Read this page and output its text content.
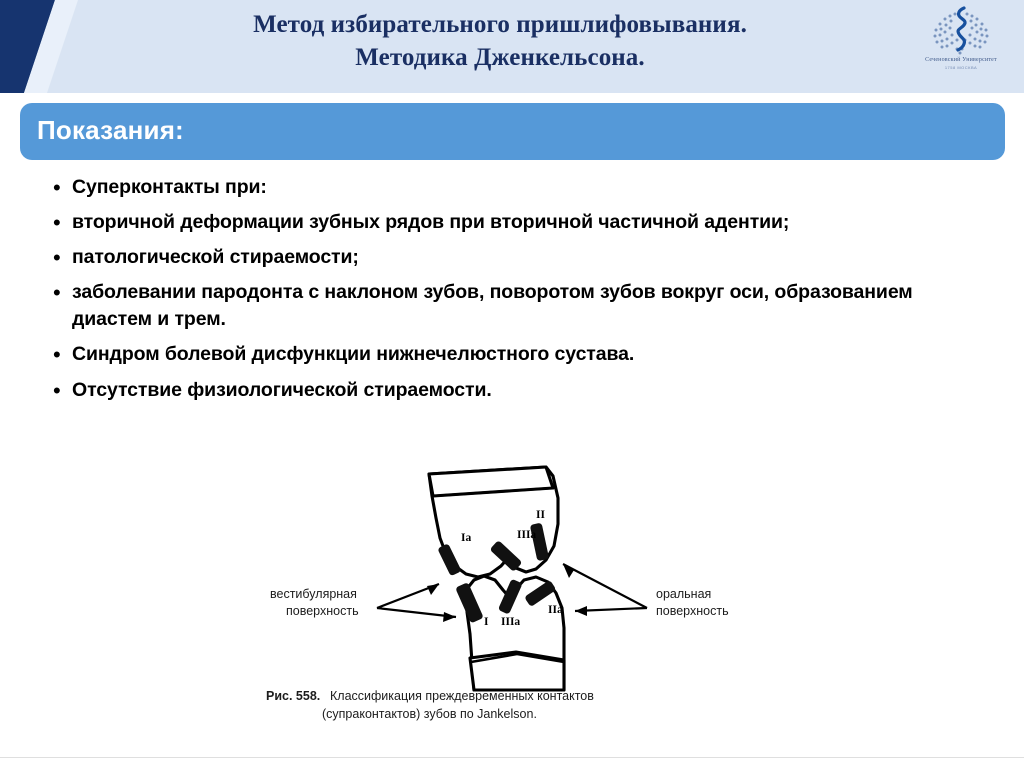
Метод избирательного пришлифовывания.
Методика Дженкельсона.	Сеченовский Университет
1758 МОСКВА
Показания:
• Суперконтакты при:
• вторичной деформации зубных рядов при вторичной частичной адентии;
• патологической стираемости;
• заболевании пародонта с наклоном зубов, поворотом зубов вокруг оси, образованием диастем и трем.
• Синдром болевой дисфункции нижнечелюстного сустава.
• Отсутствие физиологической стираемости.
Ia	IIIa
II
I IIIa
IIa
вестибулярная
поверхность
оральная
поверхность
Рис. 558. Классификация преждевременных контактов
(супраконтактов) зубов по Jankelson.
